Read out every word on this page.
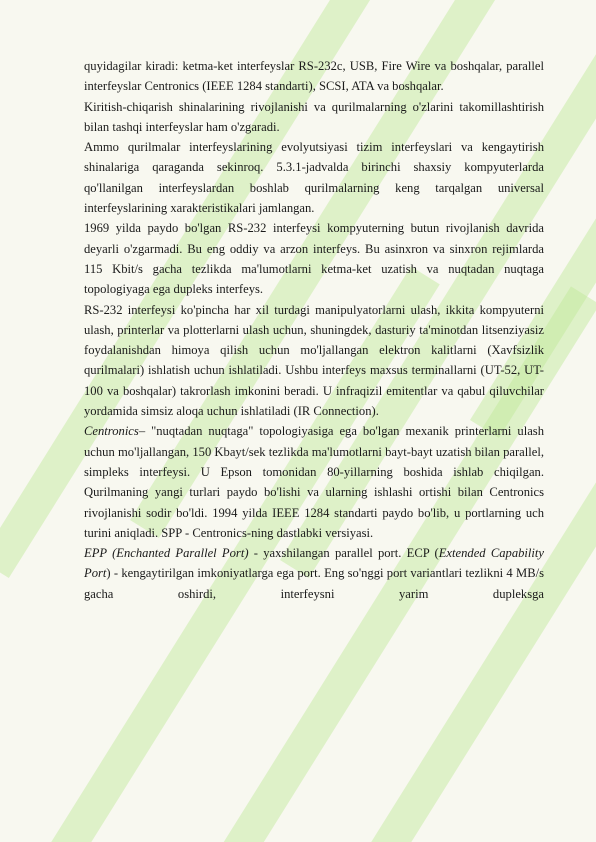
quyidagilar kiradi: ketma-ket interfeyslar RS-232c, USB, Fire Wire va boshqalar, parallel interfeyslar Centronics (IEEE 1284 standarti), SCSI, ATA va boshqalar.

Kiritish-chiqarish shinalarining rivojlanishi va qurilmalarning o'zlarini takomillashtirish bilan tashqi interfeyslar ham o'zgaradi.

Ammo qurilmalar interfeyslarining evolyutsiyasi tizim interfeyslari va kengaytirish shinalariga qaraganda sekinroq. 5.3.1-jadvalda birinchi shaxsiy kompyuterlarda qo'llanilgan interfeyslardan boshlab qurilmalarning keng tarqalgan universal interfeyslarining xarakteristikalari jamlangan.

1969 yilda paydo bo'lgan RS-232 interfeysi kompyuterning butun rivojlanish davrida deyarli o'zgarmadi. Bu eng oddiy va arzon interfeys. Bu asinxron va sinxron rejimlarda 115 Kbit/s gacha tezlikda ma'lumotlarni ketma-ket uzatish va nuqtadan nuqtaga topologiyaga ega dupleks interfeys.

RS-232 interfeysi ko'pincha har xil turdagi manipulyatorlarni ulash, ikkita kompyuterni ulash, printerlar va plotterlarni ulash uchun, shuningdek, dasturiy ta'minotdan litsenziyasiz foydalanishdan himoya qilish uchun mo'ljallangan elektron kalitlarni (Xavfsizlik qurilmalari) ishlatish uchun ishlatiladi. Ushbu interfeys maxsus terminallarni (UT-52, UT-100 va boshqalar) takrorlash imkonini beradi. U infraqizil emitentlar va qabul qiluvchilar yordamida simsiz aloqa uchun ishlatiladi (IR Connection).

Centronics– "nuqtadan nuqtaga" topologiyasiga ega bo'lgan mexanik printerlarni ulash uchun mo'ljallangan, 150 Kbayt/sek tezlikda ma'lumotlarni bayt-bayt uzatish bilan parallel, simpleks interfeysi. U Epson tomonidan 80-yillarning boshida ishlab chiqilgan. Qurilmaning yangi turlari paydo bo'lishi va ularning ishlashi ortishi bilan Centronics rivojlanishi sodir bo'ldi. 1994 yilda IEEE 1284 standarti paydo bo'lib, u portlarning uch turini aniqladi. SPP - Centronics-ning dastlabki versiyasi.

EPP (Enchanted Parallel Port) - yaxshilangan parallel port. ECP (Extended Capability Port) - kengaytirilgan imkoniyatlarga ega port. Eng so'nggi port variantlari tezlikni 4 MB/s gacha oshirdi, interfeysni yarim dupleksga
